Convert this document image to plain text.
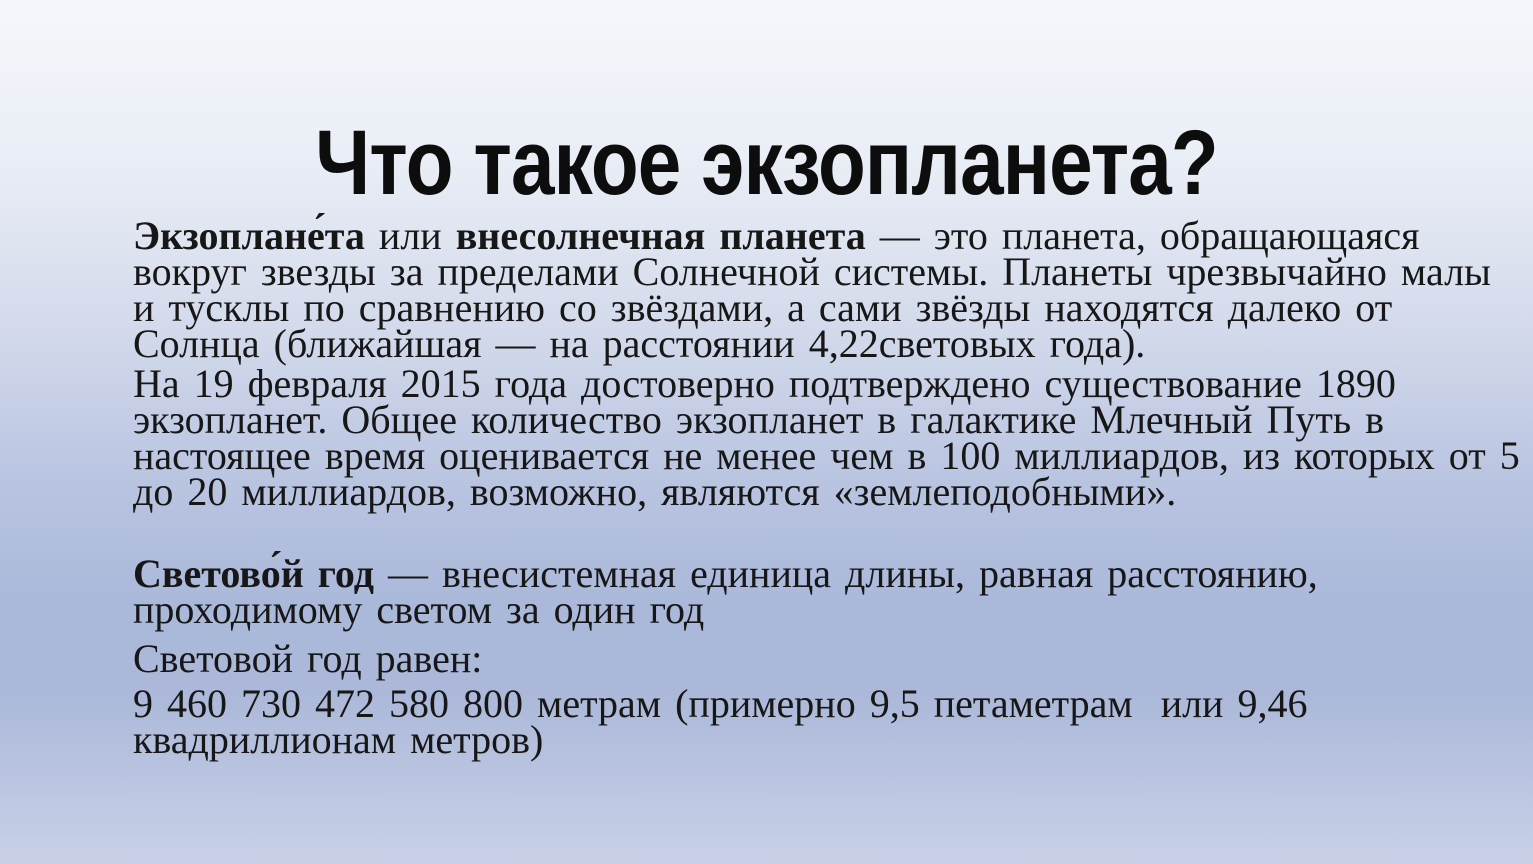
Что такое экзопланета?
Экзоплане́та или внесолнечная планета — это планета, обращающаяся
вокруг звезды за пределами Солнечной системы. Планеты чрезвычайно малы
и тусклы по сравнению со звёздами, а сами звёзды находятся далеко от
Солнца (ближайшая — на расстоянии 4,22световых года).
На 19 февраля 2015 года достоверно подтверждено существование 1890
экзопланет. Общее количество экзопланет в галактике Млечный Путь в
настоящее время оценивается не менее чем в 100 миллиардов, из которых от 5
до 20 миллиардов, возможно, являются «землеподобными».
Светово́й год — внесистемная единица длины, равная расстоянию,
проходимому светом за один год
Световой год равен:
9 460 730 472 580 800 метрам (примерно 9,5 петаметрам  или 9,46
квадриллионам метров)
